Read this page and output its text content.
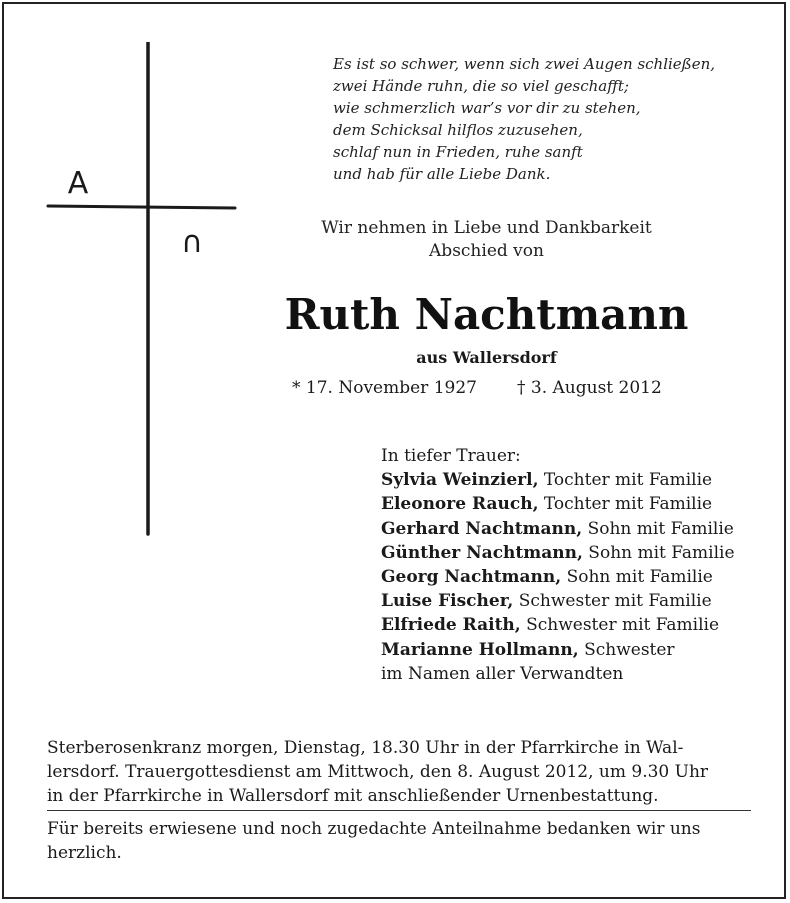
Es ist so schwer, wenn sich zwei Augen schließen,
zwei Hände ruhn, die so viel geschafft;
wie schmerzlich war’s vor dir zu stehen,
dem Schicksal hilflos zuzusehen,
schlaf nun in Frieden, ruhe sanft
und hab für alle Liebe Dank.
A
∩	Wir nehmen in Liebe und Dankbarkeit
Abschied von
Ruth Nachtmann
aus Wallersdorf
* 17. November 1927 † 3. August 2012
In tiefer Trauer:
Sylvia Weinzierl, Tochter mit Familie
Eleonore Rauch, Tochter mit Familie
Gerhard Nachtmann, Sohn mit Familie
Günther Nachtmann, Sohn mit Familie
Georg Nachtmann, Sohn mit Familie
Luise Fischer, Schwester mit Familie
Elfriede Raith, Schwester mit Familie
Marianne Hollmann, Schwester
im Namen aller Verwandten
Sterberosenkranz morgen, Dienstag, 18.30 Uhr in der Pfarrkirche in Wal-
lersdorf. Trauergottesdienst am Mittwoch, den 8. August 2012, um 9.30 Uhr
in der Pfarrkirche in Wallersdorf mit anschließender Urnenbestattung.
Für bereits erwiesene und noch zugedachte Anteilnahme bedanken wir uns
herzlich.
